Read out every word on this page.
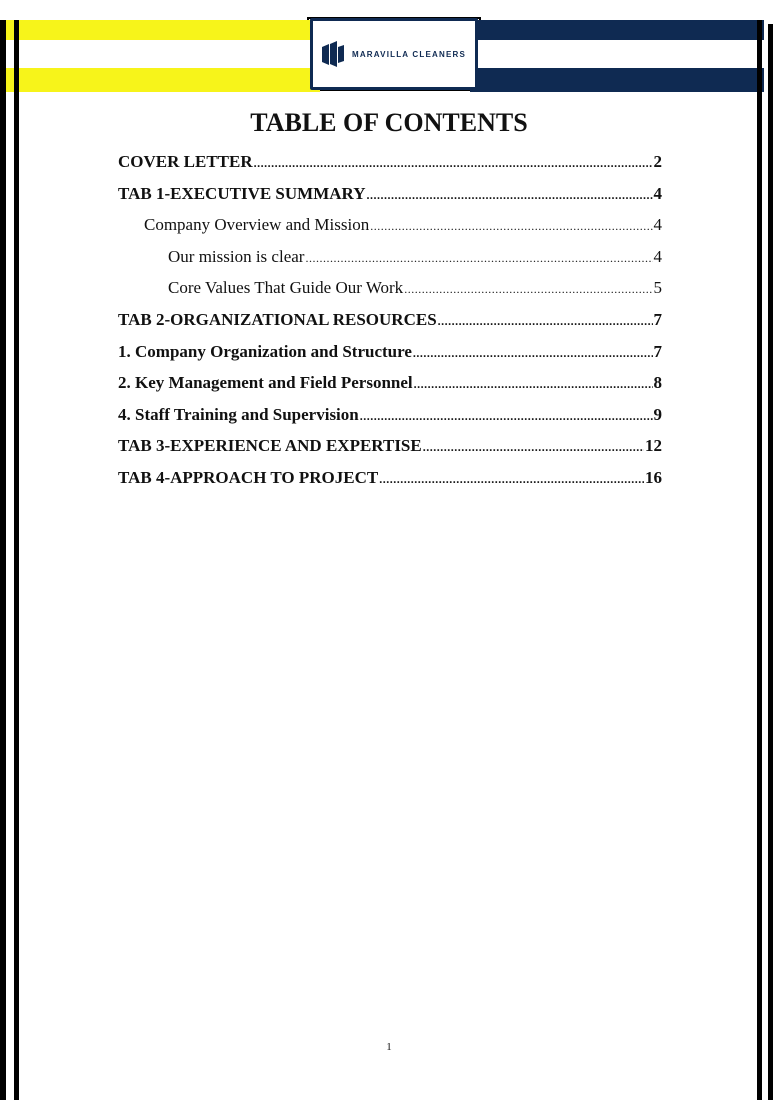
MARAVILLA CLEANERS
TABLE OF CONTENTS
COVER LETTER .....	2
TAB 1-EXECUTIVE SUMMARY .....	4
Company Overview and Mission .....	4
Our mission is clear .....	4
Core Values That Guide Our Work .....	5
TAB 2-ORGANIZATIONAL RESOURCES .....	7
1. Company Organization and Structure .....	7
2. Key Management and Field Personnel .....	8
4. Staff Training and Supervision .....	9
TAB 3-EXPERIENCE AND EXPERTISE .....	12
TAB 4-APPROACH TO PROJECT .....	16
1
